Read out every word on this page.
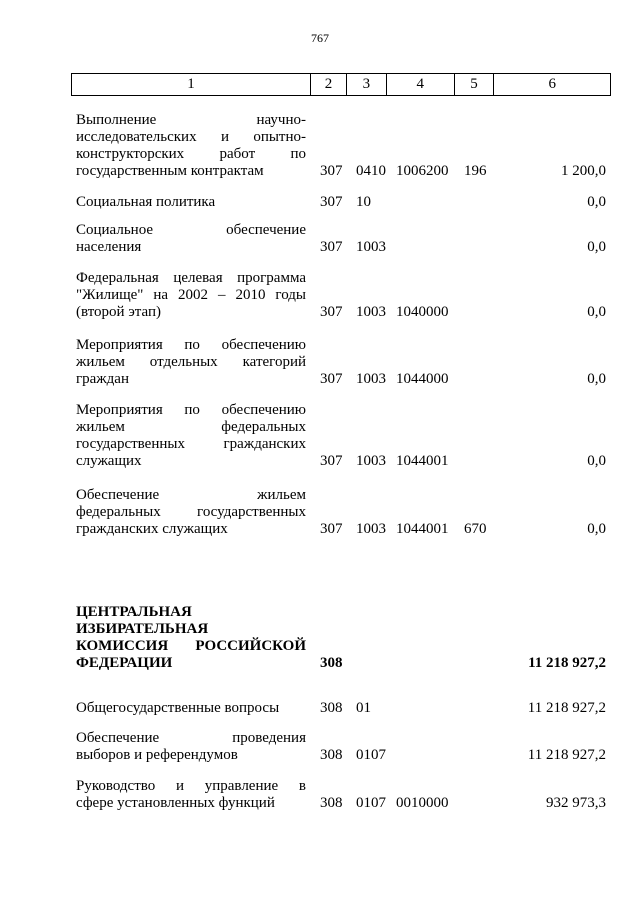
767
1	2	3	4	5	6
Выполнение научно-
исследовательских и опытно-
конструкторских работ по
государственным контрактам	307 0410 1006200 196	1 200,0
Социальная политика	307 10	0,0
Социальное обеспечение
населения	307 1003	0,0
Федеральная целевая программа
"Жилище" на 2002 – 2010 годы
(второй этап)	307 1003 1040000	0,0
Мероприятия по обеспечению
жильем отдельных категорий
граждан	307 1003 1044000	0,0
Мероприятия по обеспечению
жильем федеральных
государственных гражданских
служащих	307 1003 1044001	0,0
Обеспечение жильем
федеральных государственных
гражданских служащих	307 1003 1044001 670	0,0
ЦЕНТРАЛЬНАЯ
ИЗБИРАТЕЛЬНАЯ
КОМИССИЯ РОССИЙСКОЙ
ФЕДЕРАЦИИ	308	11 218 927,2
Общегосударственные вопросы	308 01	11 218 927,2
Обеспечение проведения
выборов и референдумов	308 0107	11 218 927,2
Руководство и управление в
сфере установленных функций	308 0107 0010000	932 973,3
